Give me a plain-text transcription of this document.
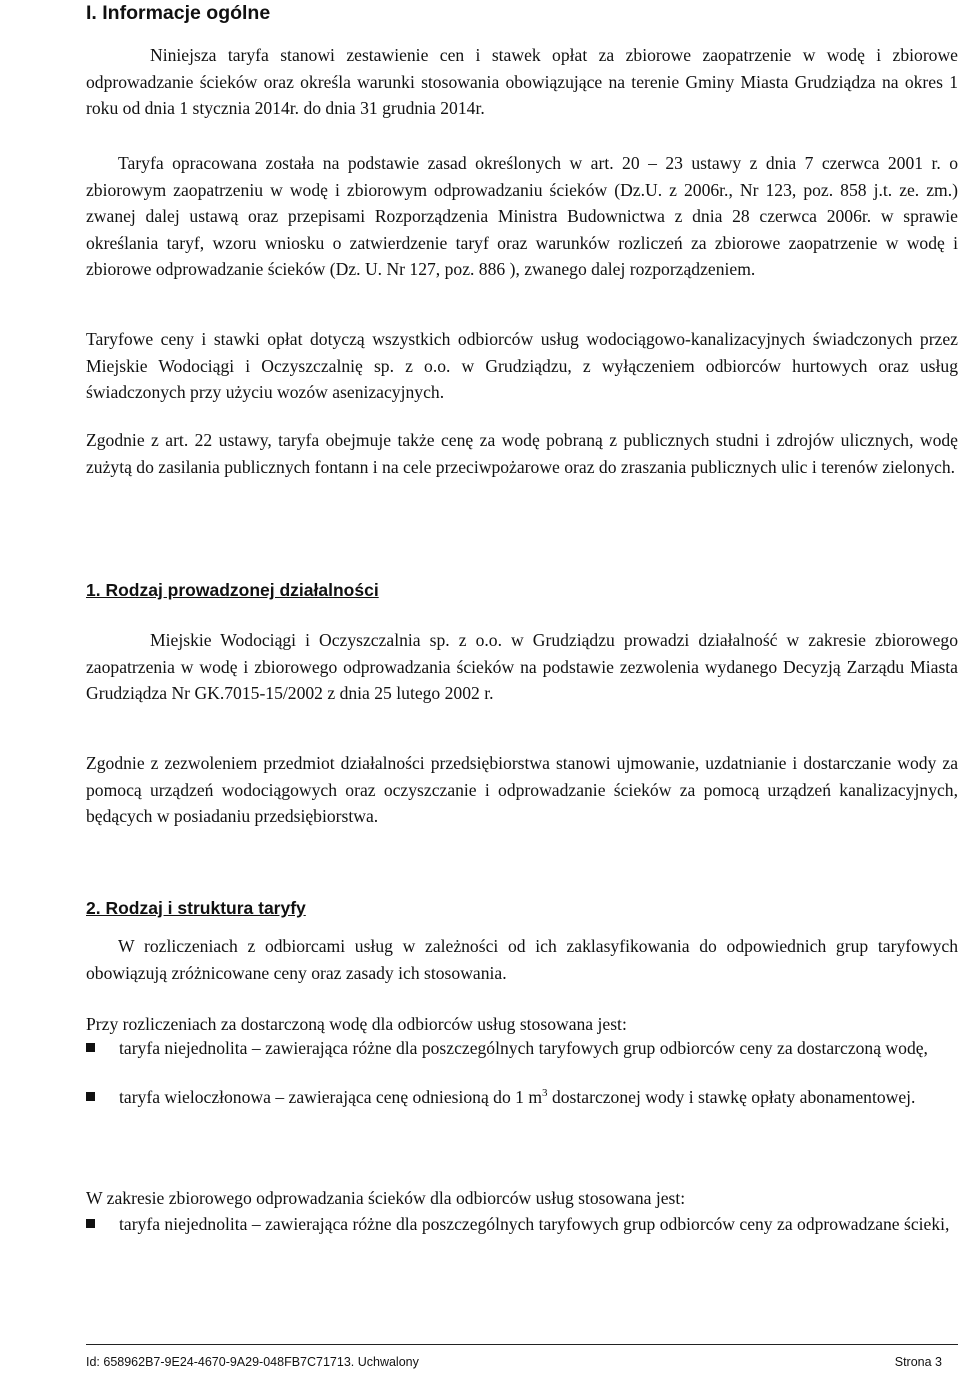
I. Informacje ogólne

Niniejsza taryfa stanowi zestawienie cen i stawek opłat za zbiorowe zaopatrzenie w wodę i zbiorowe odprowadzanie ścieków oraz określa warunki stosowania obowiązujące na terenie Gminy Miasta Grudziądza na okres 1 roku od dnia 1 stycznia 2014r. do dnia 31 grudnia 2014r.

Taryfa opracowana została na podstawie zasad określonych w art. 20 – 23 ustawy z dnia 7 czerwca 2001 r. o zbiorowym zaopatrzeniu w wodę i zbiorowym odprowadzaniu ścieków (Dz.U. z 2006r., Nr 123, poz. 858 j.t. ze. zm.) zwanej dalej ustawą oraz przepisami Rozporządzenia Ministra Budownictwa z dnia 28 czerwca 2006r. w sprawie określania taryf, wzoru wniosku o zatwierdzenie taryf oraz warunków rozliczeń za zbiorowe zaopatrzenie w wodę i zbiorowe odprowadzanie ścieków (Dz. U. Nr 127, poz. 886 ), zwanego dalej rozporządzeniem.

Taryfowe ceny i stawki opłat dotyczą wszystkich odbiorców usług wodociągowo-kanalizacyjnych świadczonych przez Miejskie Wodociągi i Oczyszczalnię sp. z o.o. w Grudziądzu, z wyłączeniem odbiorców hurtowych oraz usług świadczonych przy użyciu wozów asenizacyjnych.

Zgodnie z art. 22 ustawy, taryfa obejmuje także cenę za wodę pobraną z publicznych studni i zdrojów ulicznych, wodę zużytą do zasilania publicznych fontann i na cele przeciwpożarowe oraz do zraszania publicznych ulic i terenów zielonych.

1. Rodzaj prowadzonej działalności

Miejskie Wodociągi i Oczyszczalnia sp. z o.o. w Grudziądzu prowadzi działalność w zakresie zbiorowego zaopatrzenia w wodę i zbiorowego odprowadzania ścieków na podstawie zezwolenia wydanego Decyzją Zarządu Miasta Grudziądza Nr GK.7015-15/2002 z dnia 25 lutego 2002 r.

Zgodnie z zezwoleniem przedmiot działalności przedsiębiorstwa stanowi ujmowanie, uzdatnianie i dostarczanie wody za pomocą urządzeń wodociągowych oraz oczyszczanie i odprowadzanie ścieków za pomocą urządzeń kanalizacyjnych, będących w posiadaniu przedsiębiorstwa.

2. Rodzaj i struktura taryfy

W rozliczeniach z odbiorcami usług w zależności od ich zaklasyfikowania do odpowiednich grup taryfowych obowiązują zróżnicowane ceny oraz zasady ich stosowania.

Przy rozliczeniach za dostarczoną wodę dla odbiorców usług stosowana jest:

taryfa niejednolita – zawierająca różne dla poszczególnych taryfowych grup odbiorców ceny za dostarczoną wodę,
taryfa wieloczłonowa – zawierająca cenę odniesioną do 1 $m^3$ dostarczonej wody i stawkę opłaty abonamentowej.

W zakresie zbiorowego odprowadzania ścieków dla odbiorców usług stosowana jest:

taryfa niejednolita – zawierająca różne dla poszczególnych taryfowych grup odbiorców ceny za odprowadzane ścieki,
Id: 658962B7-9E24-4670-9A29-048FB7C71713. Uchwalony	Strona 3
